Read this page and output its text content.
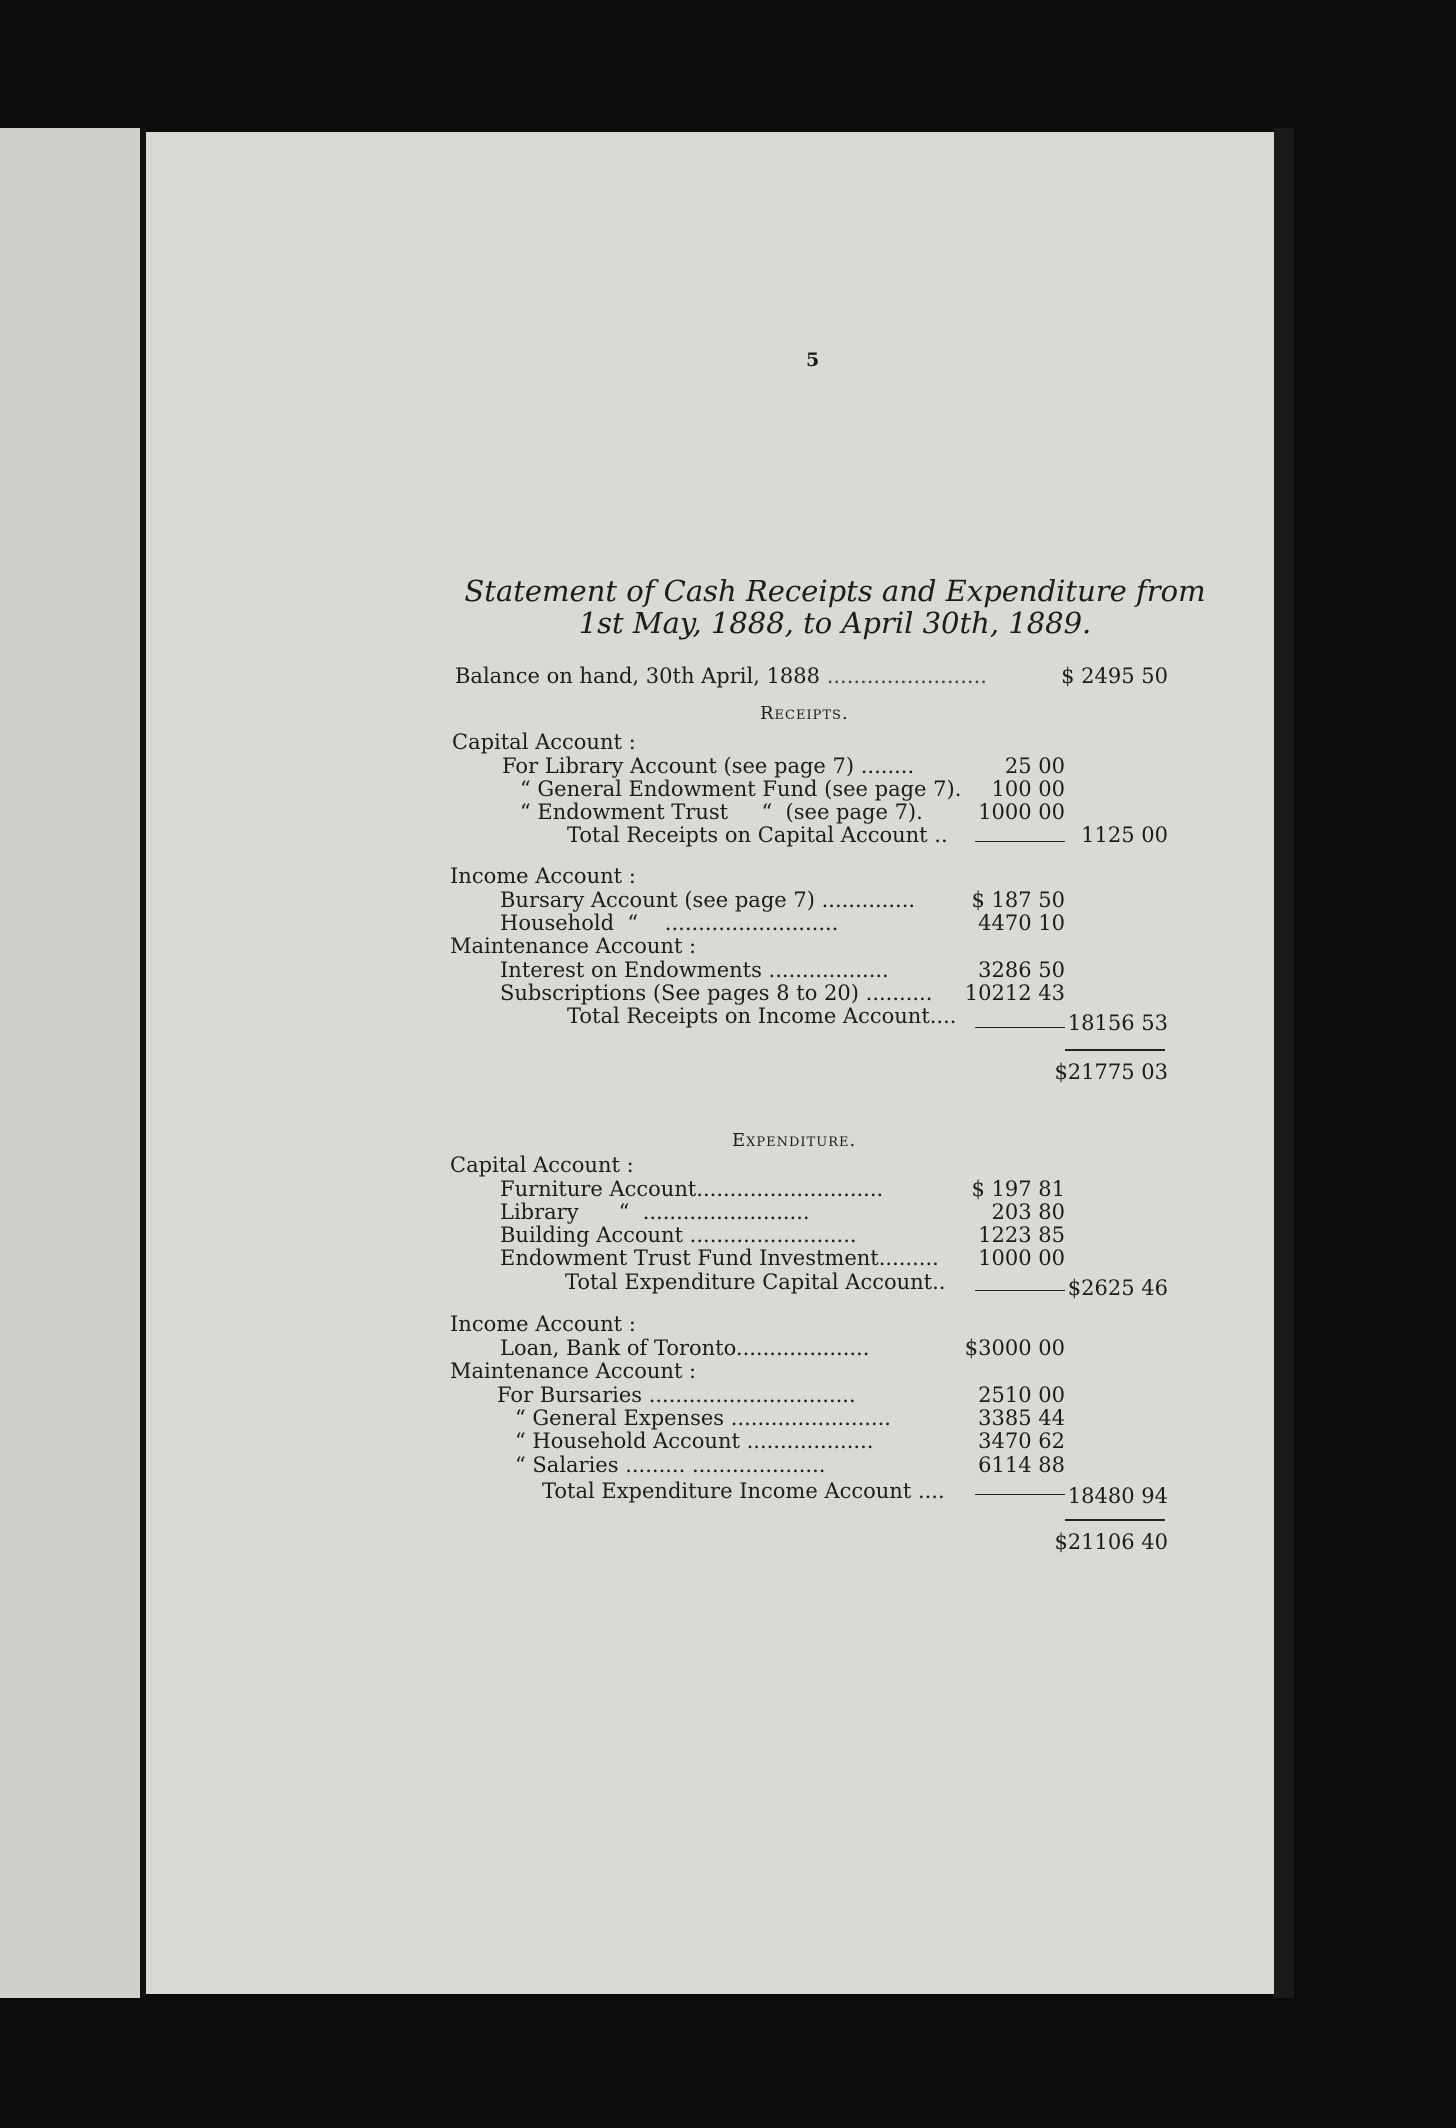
5
Statement of Cash Receipts and Expenditure from
1st May, 1888, to April 30th, 1889.
Balance on hand, 30th April, 1888 ........................	$ 2495 50
Receipts.
Capital Account :
For Library Account (see page 7) ........	25 00
“ General Endowment Fund (see page 7).	100 00
“ Endowment Trust     “  (see page 7).	1000 00
Total Receipts on Capital Account ..	1125 00
Income Account :
Bursary Account (see page 7) ..............	$ 187 50
Household  “    ..........................	4470 10
Maintenance Account :
Interest on Endowments ..................	3286 50
Subscriptions (See pages 8 to 20) ..........	10212 43
Total Receipts on Income Account....	18156 53
$21775 03
Expenditure.
Capital Account :
Furniture Account............................	$ 197 81
Library      “  .........................	203 80
Building Account .........................	1223 85
Endowment Trust Fund Investment.........	1000 00
Total Expenditure Capital Account..	$2625 46
Income Account :
Loan, Bank of Toronto....................	$3000 00
Maintenance Account :
For Bursaries ...............................	2510 00
“ General Expenses ........................	3385 44
“ Household Account ...................	3470 62
“ Salaries ......... ....................	6114 88
Total Expenditure Income Account ....	18480 94
$21106 40
